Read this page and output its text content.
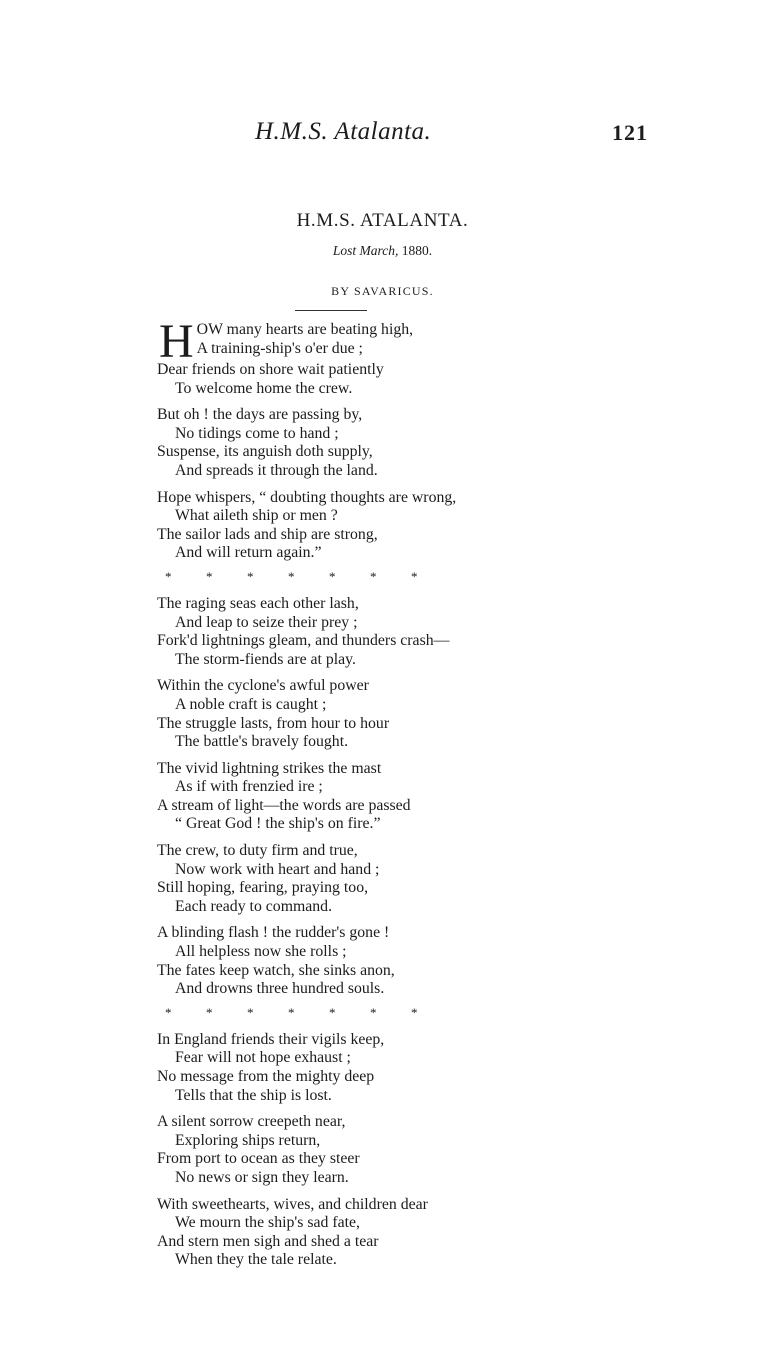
H.M.S. Atalanta.	121
H.M.S. ATALANTA.
Lost March, 1880.
BY SAVARICUS.
H OW many hearts are beating high,
A training-ship's o'er due ;
Dear friends on shore wait patiently
To welcome home the crew.
But oh ! the days are passing by,
No tidings come to hand ;
Suspense, its anguish doth supply,
And spreads it through the land.
Hope whispers, “ doubting thoughts are wrong,
What aileth ship or men ?
The sailor lads and ship are strong,
And will return again.”
*	*	*	*	*	*	*
The raging seas each other lash,
And leap to seize their prey ;
Fork'd lightnings gleam, and thunders crash—
The storm-fiends are at play.
Within the cyclone's awful power
A noble craft is caught ;
The struggle lasts, from hour to hour
The battle's bravely fought.
The vivid lightning strikes the mast
As if with frenzied ire ;
A stream of light—the words are passed
“ Great God ! the ship's on fire.”
The crew, to duty firm and true,
Now work with heart and hand ;
Still hoping, fearing, praying too,
Each ready to command.
A blinding flash ! the rudder's gone !
All helpless now she rolls ;
The fates keep watch, she sinks anon,
And drowns three hundred souls.
*	*	*	*	*	*	*
In England friends their vigils keep,
Fear will not hope exhaust ;
No message from the mighty deep
Tells that the ship is lost.
A silent sorrow creepeth near,
Exploring ships return,
From port to ocean as they steer
No news or sign they learn.
With sweethearts, wives, and children dear
We mourn the ship's sad fate,
And stern men sigh and shed a tear
When they the tale relate.
